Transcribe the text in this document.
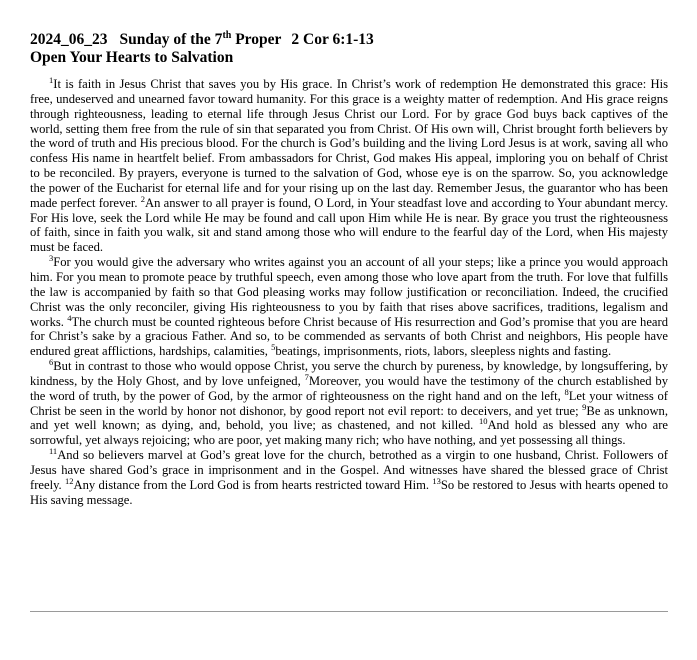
2024_06_23 Sunday of the 7th Proper 2 Cor 6:1-13
Open Your Hearts to Salvation

$^1$It is faith in Jesus Christ that saves you by His grace. In Christ’s work of redemption He demonstrated this grace: His free, undeserved and unearned favor toward humanity. For this grace is a weighty matter of redemption. And His grace reigns through righteousness, leading to eternal life through Jesus Christ our Lord. For by grace God buys back captives of the world, setting them free from the rule of sin that separated you from Christ. Of His own will, Christ brought forth believers by the word of truth and His precious blood. For the church is God’s building and the living Lord Jesus is at work, saving all who confess His name in heartfelt belief. From ambassadors for Christ, God makes His appeal, imploring you on behalf of Christ to be reconciled. By prayers, everyone is turned to the salvation of God, whose eye is on the sparrow. So, you acknowledge the power of the Eucharist for eternal life and for your rising up on the last day. Remember Jesus, the guarantor who has been made perfect forever. $^2$An answer to all prayer is found, O Lord, in Your steadfast love and according to Your abundant mercy. For His love, seek the Lord while He may be found and call upon Him while He is near. By grace you trust the righteousness of faith, since in faith you walk, sit and stand among those who will endure to the fearful day of the Lord, when His majesty must be faced.

$^3$For you would give the adversary who writes against you an account of all your steps; like a prince you would approach him. For you mean to promote peace by truthful speech, even among those who love apart from the truth. For love that fulfills the law is accompanied by faith so that God pleasing works may follow justification or reconciliation. Indeed, the crucified Christ was the only reconciler, giving His righteousness to you by faith that rises above sacrifices, traditions, legalism and works. $^4$The church must be counted righteous before Christ because of His resurrection and God’s promise that you are heard for Christ’s sake by a gracious Father. And so, to be commended as servants of both Christ and neighbors, His people have endured great afflictions, hardships, calamities, $^5$beatings, imprisonments, riots, labors, sleepless nights and fasting.

$^6$But in contrast to those who would oppose Christ, you serve the church by pureness, by knowledge, by longsuffering, by kindness, by the Holy Ghost, and by love unfeigned, $^7$Moreover, you would have the testimony of the church established by the word of truth, by the power of God, by the armor of righteousness on the right hand and on the left, $^8$Let your witness of Christ be seen in the world by honor not dishonor, by good report not evil report: to deceivers, and yet true; $^9$Be as unknown, and yet well known; as dying, and, behold, you live; as chastened, and not killed. $^{10}$And hold as blessed any who are sorrowful, yet always rejoicing; who are poor, yet making many rich; who have nothing, and yet possessing all things.

$^{11}$And so believers marvel at God’s great love for the church, betrothed as a virgin to one husband, Christ. Followers of Jesus have shared God’s grace in imprisonment and in the Gospel. And witnesses have shared the blessed grace of Christ freely. $^{12}$Any distance from the Lord God is from hearts restricted toward Him. $^{13}$So be restored to Jesus with hearts opened to His saving message.
